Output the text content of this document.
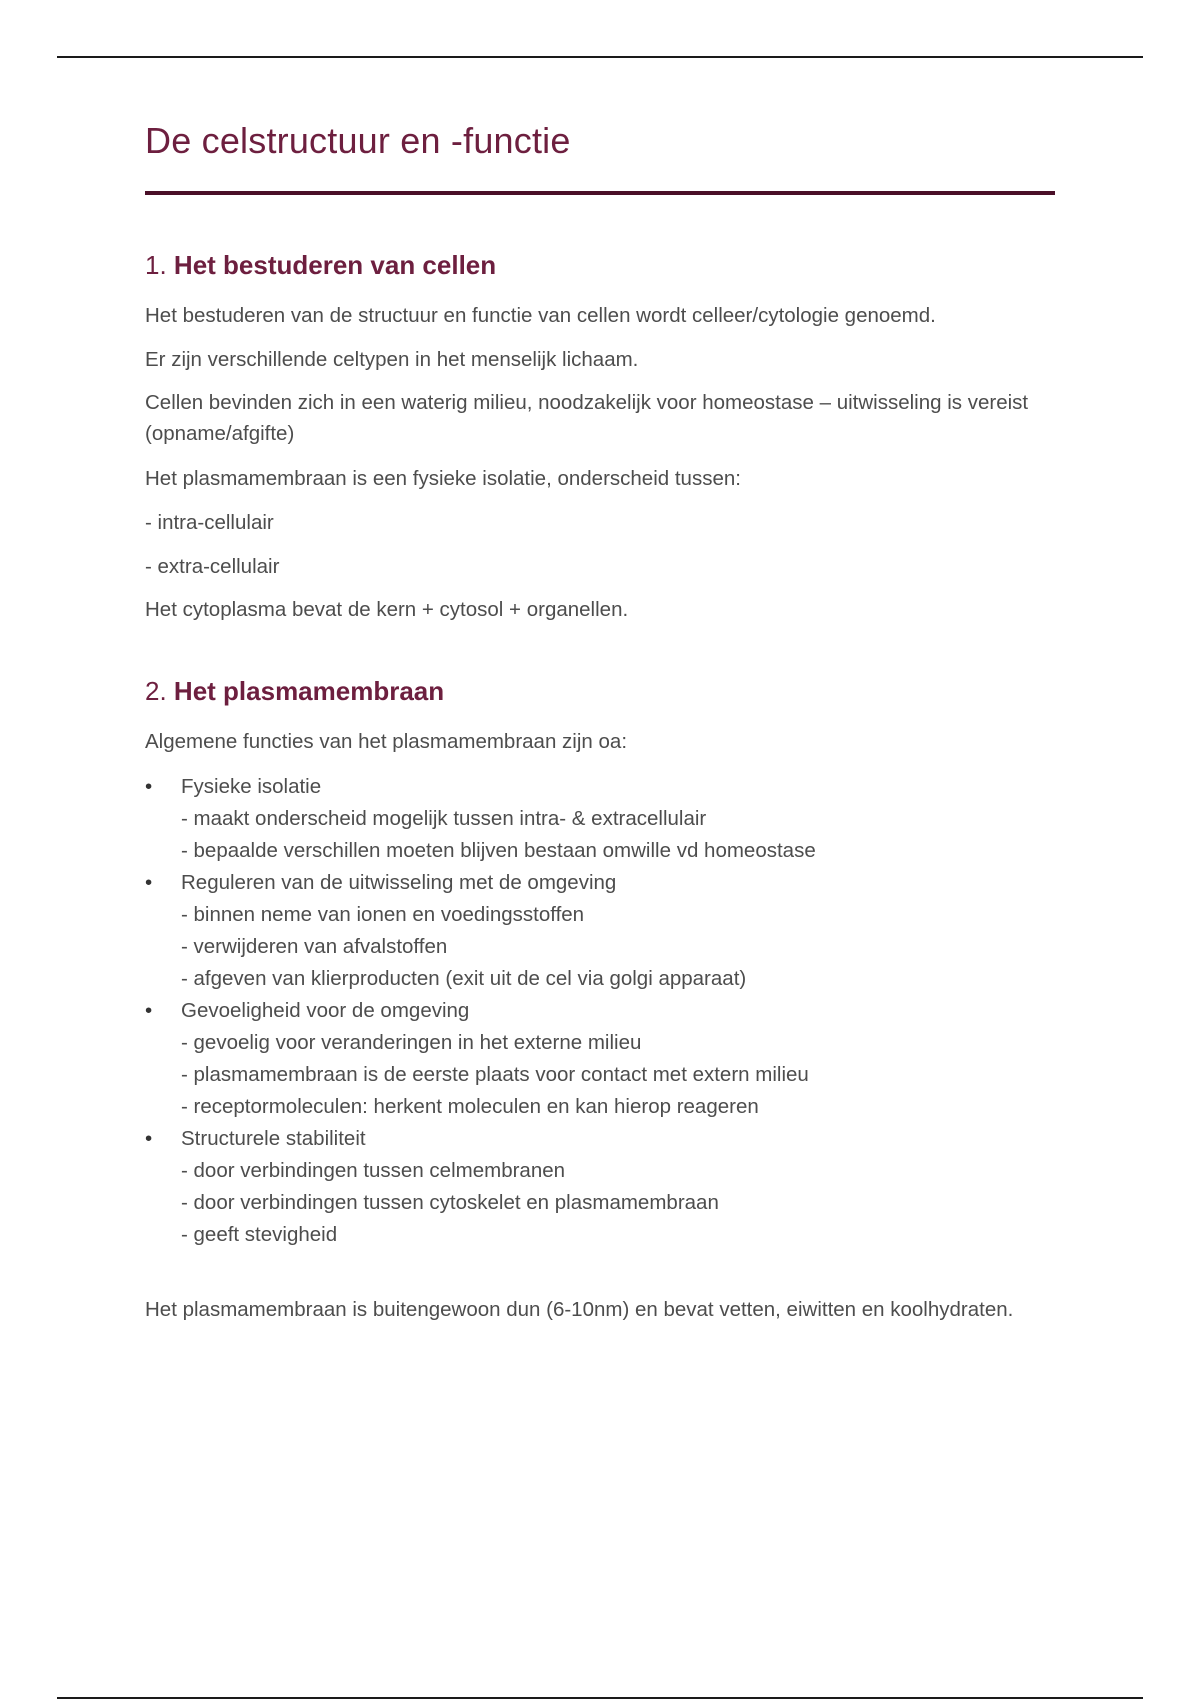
De celstructuur en -functie
1. Het bestuderen van cellen

Het bestuderen van de structuur en functie van cellen wordt celleer/cytologie genoemd.

Er zijn verschillende celtypen in het menselijk lichaam.

Cellen bevinden zich in een waterig milieu, noodzakelijk voor homeostase – uitwisseling is vereist (opname/afgifte)

Het plasmamembraan is een fysieke isolatie, onderscheid tussen:

- intra-cellulair

- extra-cellulair

Het cytoplasma bevat de kern + cytosol + organellen.

2. Het plasmamembraan

Algemene functies van het plasmamembraan zijn oa:

•	Fysieke isolatie
- maakt onderscheid mogelijk tussen intra- & extracellulair
- bepaalde verschillen moeten blijven bestaan omwille vd homeostase
•	Reguleren van de uitwisseling met de omgeving
- binnen neme van ionen en voedingsstoffen
- verwijderen van afvalstoffen
- afgeven van klierproducten (exit uit de cel via golgi apparaat)
•	Gevoeligheid voor de omgeving
- gevoelig voor veranderingen in het externe milieu
- plasmamembraan is de eerste plaats voor contact met extern milieu
- receptormoleculen: herkent moleculen en kan hierop reageren
•	Structurele stabiliteit
- door verbindingen tussen celmembranen
- door verbindingen tussen cytoskelet en plasmamembraan
- geeft stevigheid

Het plasmamembraan is buitengewoon dun (6-10nm) en bevat vetten, eiwitten en koolhydraten.
